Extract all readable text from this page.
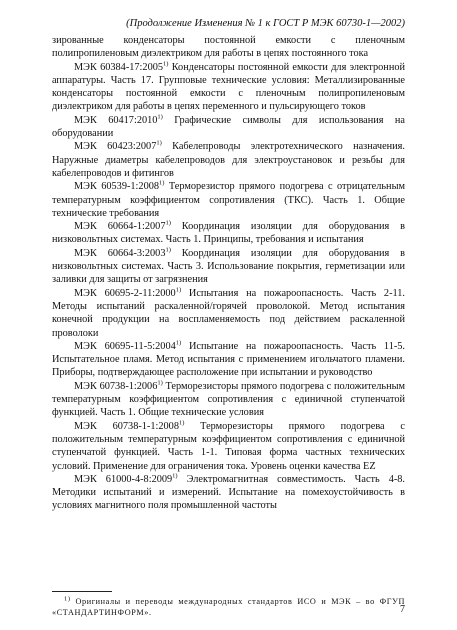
(Продолжение Изменения № 1 к ГОСТ Р МЭК 60730-1—2002)

зированные конденсаторы постоянной емкости с пленочным полипропиленовым диэлектриком для работы в цепях постоянного тока

МЭК 60384-17:2005$^{1)}$ Конденсаторы постоянной емкости для электронной аппаратуры. Часть 17. Групповые технические условия: Металлизированные конденсаторы постоянной емкости с пленочным полипропиленовым диэлектриком для работы в цепях переменного и пульсирующего токов

МЭК 60417:2010$^{1)}$ Графические символы для использования на оборудовании

МЭК 60423:2007$^{1)}$ Кабелепроводы электротехнического назначения. Наружные диаметры кабелепроводов для электроустановок и резьбы для кабелепроводов и фитингов

МЭК 60539-1:2008$^{1)}$ Терморезистор прямого подогрева с отрицательным температурным коэффициентом сопротивления (ТКС). Часть 1. Общие технические требования

МЭК 60664-1:2007$^{1)}$ Координация изоляции для оборудования в низковольтных системах. Часть 1. Принципы, требования и испытания

МЭК 60664-3:2003$^{1)}$ Координация изоляции для оборудования в низковольтных системах. Часть 3. Использование покрытия, герметизации или заливки для защиты от загрязнения

МЭК 60695-2-11:2000$^{1)}$ Испытания на пожароопасность. Часть 2-11. Методы испытаний раскаленной/горячей проволокой. Метод испытания конечной продукции на воспламеняемость под действием раскаленной проволоки

МЭК 60695-11-5:2004$^{1)}$ Испытание на пожароопасность. Часть 11-5. Испытательное пламя. Метод испытания с применением игольчатого пламени. Приборы, подтверждающее расположение при испытании и руководство

МЭК 60738-1:2006$^{1)}$ Терморезисторы прямого подогрева с положительным температурным коэффициентом сопротивления с единичной ступенчатой функцией. Часть 1. Общие технические условия

МЭК 60738-1-1:2008$^{1)}$ Терморезисторы прямого подогрева с положительным температурным коэффициентом сопротивления с единичной ступенчатой функцией. Часть 1-1. Типовая форма частных технических условий. Применение для ограничения тока. Уровень оценки качества EZ

МЭК 61000-4-8:2009$^{1)}$ Электромагнитная совместимость. Часть 4-8. Методики испытаний и измерений. Испытание на помехоустойчивость в условиях магнитного поля промышленной частоты

$^{1)}$ Оригиналы и переводы международных стандартов ИСО и МЭК – во ФГУП «СТАНДАРТИНФОРМ».	7
